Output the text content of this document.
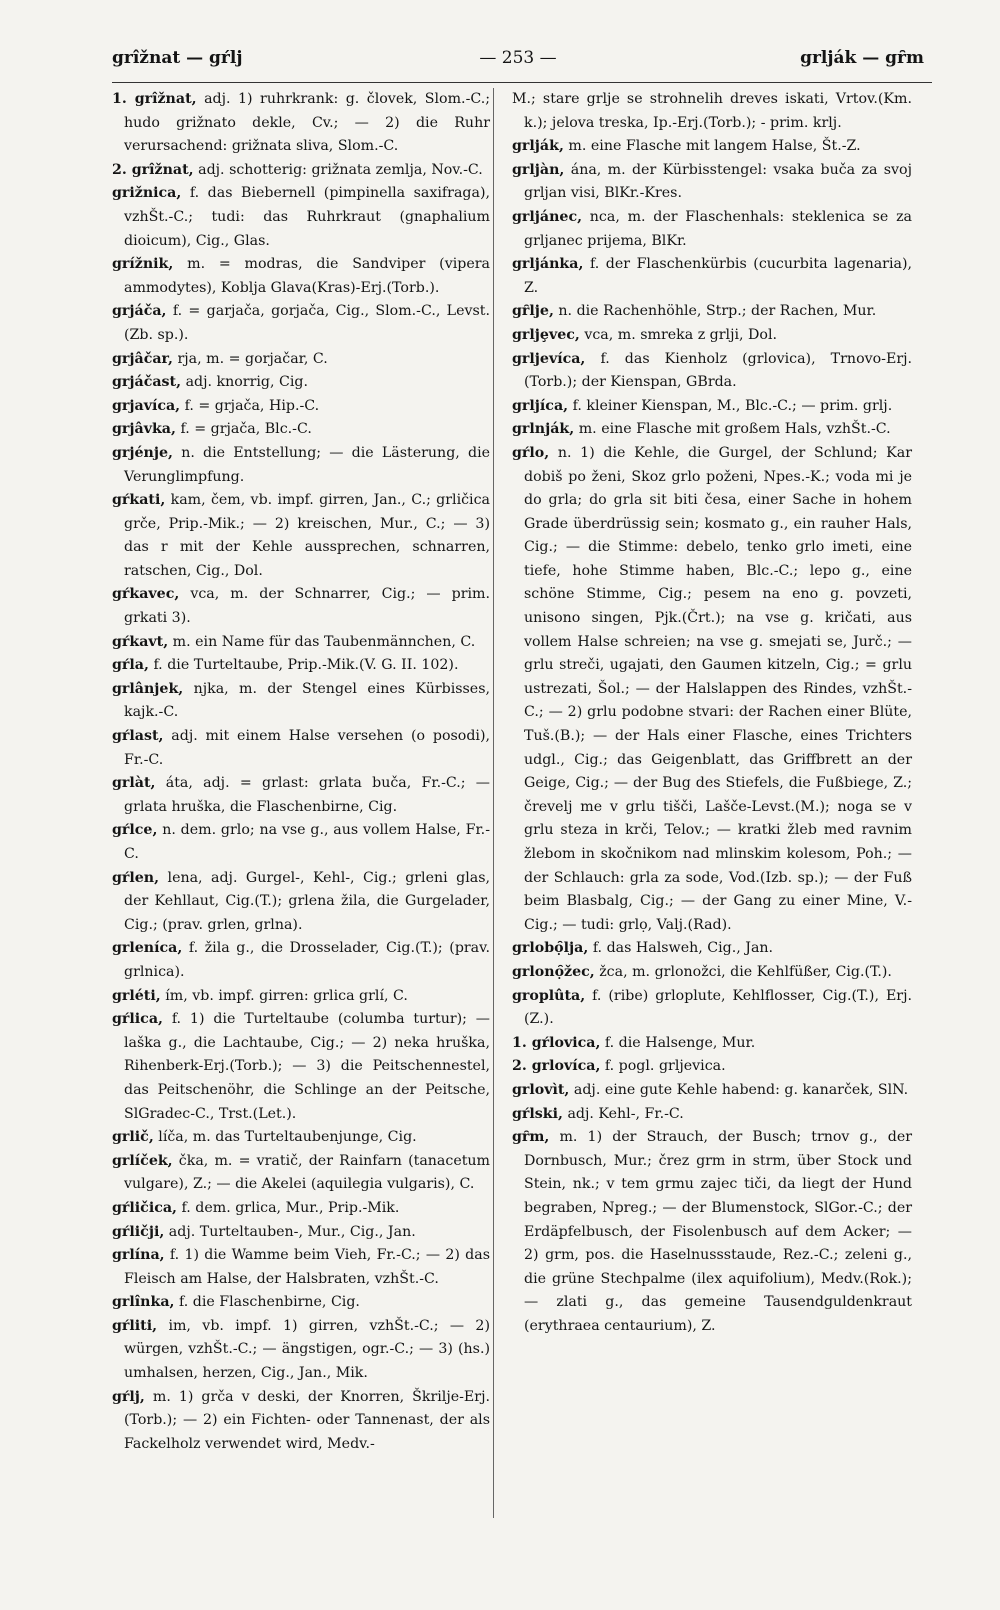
grîžnat — gŕlj	— 253 —	grlják — gȓm

1. grîžnat, adj. 1) ruhrkrank: g. človek, Slom.-C.; hudo grižnato dekle, Cv.; — 2) die Ruhr verursachend: grižnata sliva, Slom.-C.

2. grîžnat, adj. schotterig: grižnata zemlja, Nov.-C.

grižnica, f. das Biebernell (pimpinella saxifraga), vzhŠt.-C.; tudi: das Ruhrkraut (gnaphalium dioicum), Cig., Glas.

grížnik, m. = modras, die Sandviper (vipera ammodytes), Koblja Glava(Kras)-Erj.(Torb.).

grjáča, f. = garjača, gorjača, Cig., Slom.-C., Levst.(Zb. sp.).

grjâčar, rja, m. = gorjačar, C.

grjáčast, adj. knorrig, Cig.

grjavíca, f. = grjača, Hip.-C.

grjâvka, f. = grjača, Blc.-C.

grjénje, n. die Entstellung; — die Lästerung, die Verunglimpfung.

gŕkati, kam, čem, vb. impf. girren, Jan., C.; grličica grče, Prip.-Mik.; — 2) kreischen, Mur., C.; — 3) das r mit der Kehle aussprechen, schnarren, ratschen, Cig., Dol.

gŕkavec, vca, m. der Schnarrer, Cig.; — prim. grkati 3).

gŕkavt, m. ein Name für das Taubenmännchen, C.

gŕla, f. die Turteltaube, Prip.-Mik.(V. G. II. 102).

grlânjek, njka, m. der Stengel eines Kürbisses, kajk.-C.

gŕlast, adj. mit einem Halse versehen (o posodi), Fr.-C.

grlàt, áta, adj. = grlast: grlata buča, Fr.-C.; — grlata hruška, die Flaschenbirne, Cig.

gŕlce, n. dem. grlo; na vse g., aus vollem Halse, Fr.-C.

gŕlen, lena, adj. Gurgel-, Kehl-, Cig.; grleni glas, der Kehllaut, Cig.(T.); grlena žila, die Gurgelader, Cig.; (prav. grlen, grlna).

grleníca, f. žila g., die Drosselader, Cig.(T.); (prav. grlnica).

grléti, ím, vb. impf. girren: grlica grlí, C.

gŕlica, f. 1) die Turteltaube (columba turtur); — laška g., die Lachtaube, Cig.; — 2) neka hruška, Rihenberk-Erj.(Torb.); — 3) die Peitschennestel, das Peitschenöhr, die Schlinge an der Peitsche, SlGradec-C., Trst.(Let.).

grlič, líča, m. das Turteltaubenjunge, Cig.

grlíček, čka, m. = vratič, der Rainfarn (tanacetum vulgare), Z.; — die Akelei (aquilegia vulgaris), C.

gŕličica, f. dem. grlica, Mur., Prip.-Mik.

gŕličji, adj. Turteltauben-, Mur., Cig., Jan.

grlína, f. 1) die Wamme beim Vieh, Fr.-C.; — 2) das Fleisch am Halse, der Halsbraten, vzhŠt.-C.

grlînka, f. die Flaschenbirne, Cig.

gŕliti, im, vb. impf. 1) girren, vzhŠt.-C.; — 2) würgen, vzhŠt.-C.; — ängstigen, ogr.-C.; — 3) (hs.) umhalsen, herzen, Cig., Jan., Mik.

gŕlj, m. 1) grča v deski, der Knorren, Škrilje-Erj.(Torb.); — 2) ein Fichten- oder Tannenast, der als Fackelholz verwendet wird, Medv.-

M.; stare grlje se strohnelih dreves iskati, Vrtov.(Km. k.); jelova treska, Ip.-Erj.(Torb.); - prim. krlj.

grlják, m. eine Flasche mit langem Halse, Št.-Z.

grljàn, ána, m. der Kürbisstengel: vsaka buča za svoj grljan visi, BlKr.-Kres.

grljánec, nca, m. der Flaschenhals: steklenica se za grljanec prijema, BlKr.

grljánka, f. der Flaschenkürbis (cucurbita lagenaria), Z.

gȓlje, n. die Rachenhöhle, Strp.; der Rachen, Mur.

grljȩvec, vca, m. smreka z grlji, Dol.

grljevíca, f. das Kienholz (grlovica), Trnovo-Erj.(Torb.); der Kienspan, GBrda.

grljíca, f. kleiner Kienspan, M., Blc.-C.; — prim. grlj.

grlnják, m. eine Flasche mit großem Hals, vzhŠt.-C.

gŕlo, n. 1) die Kehle, die Gurgel, der Schlund; Kar dobiš po ženi, Skoz grlo poženi, Npes.-K.; voda mi je do grla; do grla sit biti česa, einer Sache in hohem Grade überdrüssig sein; kosmato g., ein rauher Hals, Cig.; — die Stimme: debelo, tenko grlo imeti, eine tiefe, hohe Stimme haben, Blc.-C.; lepo g., eine schöne Stimme, Cig.; pesem na eno g. povzeti, unisono singen, Pjk.(Črt.); na vse g. kričati, aus vollem Halse schreien; na vse g. smejati se, Jurč.; — grlu streči, ugajati, den Gaumen kitzeln, Cig.; = grlu ustrezati, Šol.; — der Halslappen des Rindes, vzhŠt.-C.; — 2) grlu podobne stvari: der Rachen einer Blüte, Tuš.(B.); — der Hals einer Flasche, eines Trichters udgl., Cig.; das Geigenblatt, das Griffbrett an der Geige, Cig.; — der Bug des Stiefels, die Fußbiege, Z.; črevelj me v grlu tišči, Lašče-Levst.(M.); noga se v grlu steza in krči, Telov.; — kratki žleb med ravnim žlebom in skočnikom nad mlinskim kolesom, Poh.; — der Schlauch: grla za sode, Vod.(Izb. sp.); — der Fuß beim Blasbalg, Cig.; — der Gang zu einer Mine, V.-Cig.; — tudi: grlọ, Valj.(Rad).

grlobọ̑lja, f. das Halsweh, Cig., Jan.

grlonọ̑žec, žca, m. grlonožci, die Kehlfüßer, Cig.(T.).

groplûta, f. (ribe) grloplute, Kehlflosser, Cig.(T.), Erj.(Z.).

1. gŕlovica, f. die Halsenge, Mur.

2. grlovíca, f. pogl. grljevica.

grlovìt, adj. eine gute Kehle habend: g. kanarček, SlN.

gŕlski, adj. Kehl-, Fr.-C.

gȓm, m. 1) der Strauch, der Busch; trnov g., der Dornbusch, Mur.; črez grm in strm, über Stock und Stein, nk.; v tem grmu zajec tiči, da liegt der Hund begraben, Npreg.; — der Blumenstock, SlGor.-C.; der Erdäpfelbusch, der Fisolenbusch auf dem Acker; — 2) grm, pos. die Haselnussstaude, Rez.-C.; zeleni g., die grüne Stechpalme (ilex aquifolium), Medv.(Rok.); — zlati g., das gemeine Tausendguldenkraut (erythraea centaurium), Z.
